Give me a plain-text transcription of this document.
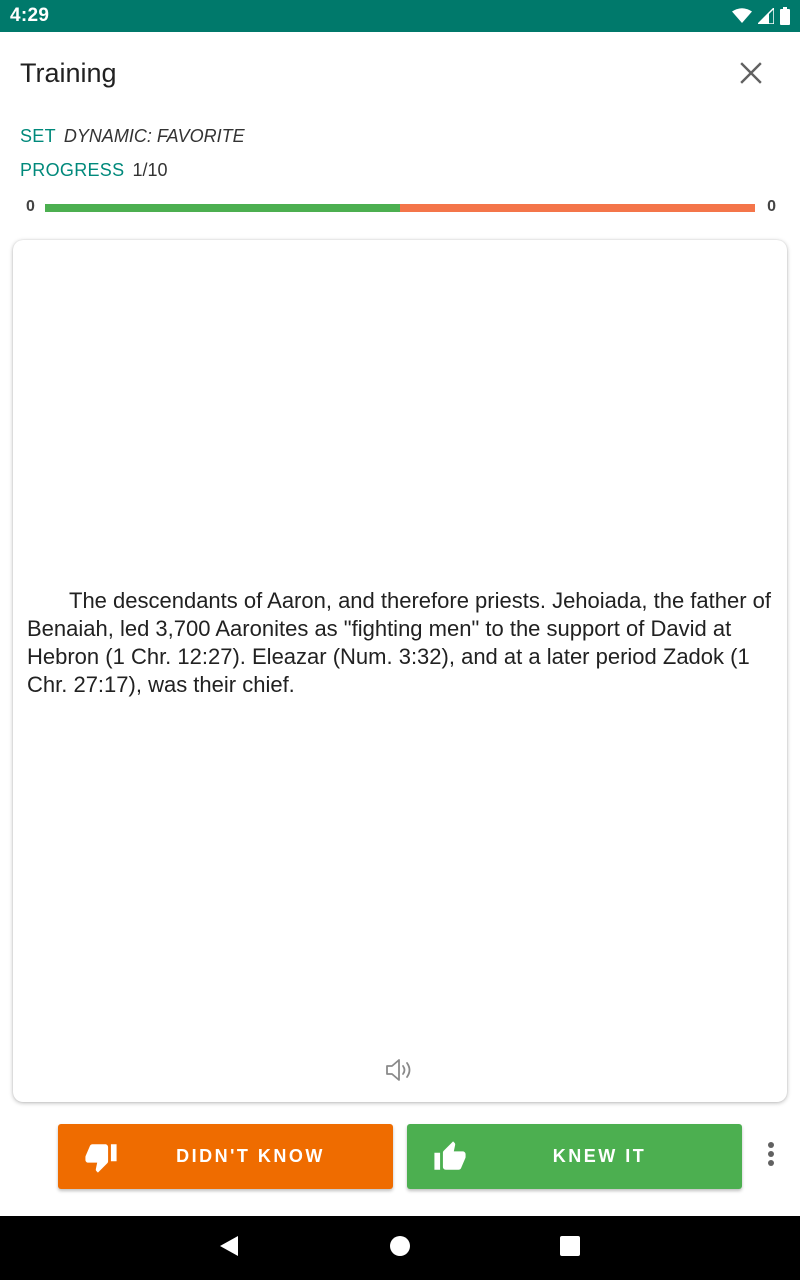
4:29
Training
SET DYNAMIC: FAVORITE
PROGRESS 1/10
0	0

The descendants of Aaron, and therefore priests. Jehoiada, the father of Benaiah, led 3,700 Aaronites as "fighting men" to the support of David at Hebron (1 Chr. 12:27). Eleazar (Num. 3:32), and at a later period Zadok (1 Chr. 27:17), was their chief.

DIDN'T KNOW	KNEW IT
